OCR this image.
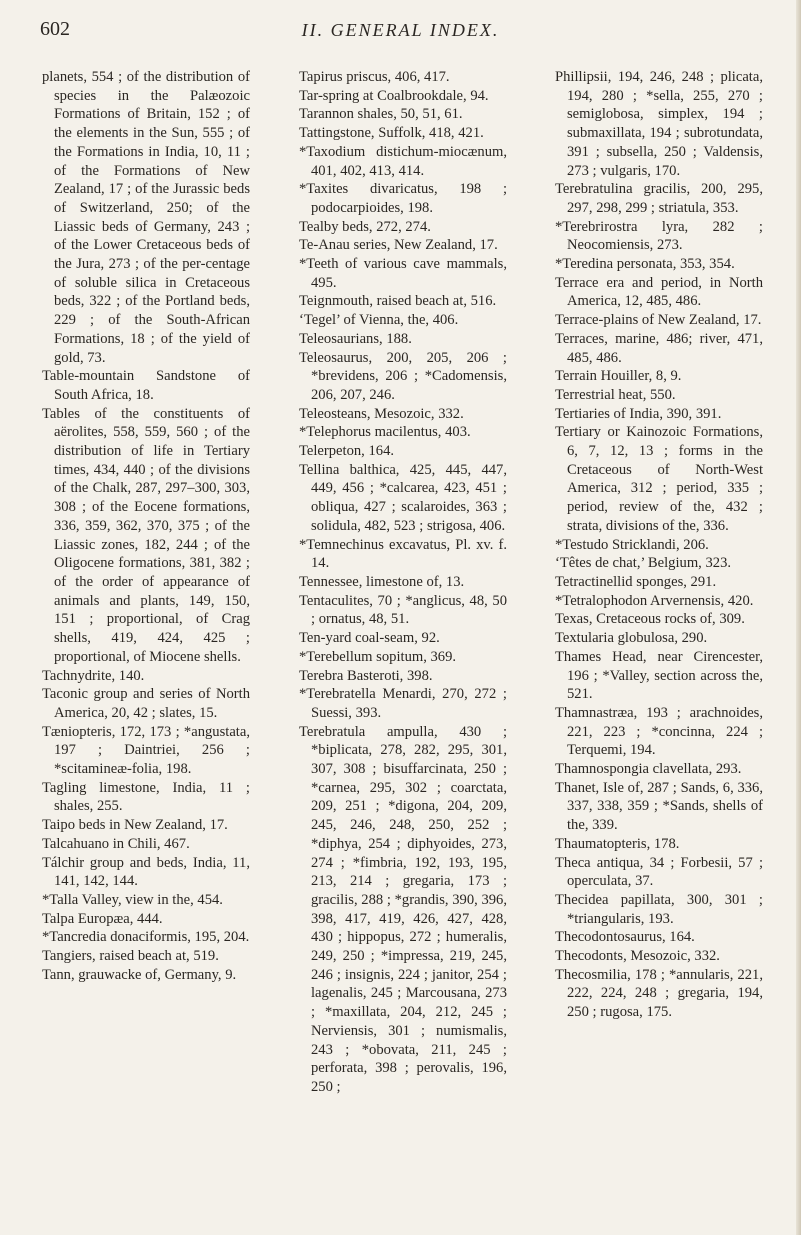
602	II. GENERAL INDEX.

planets, 554 ; of the distribution of species in the Palæozoic Formations of Britain, 152 ; of the elements in the Sun, 555 ; of the Formations in India, 10, 11 ; of the Formations of New Zealand, 17 ; of the Jurassic beds of Switzerland, 250; of the Liassic beds of Germany, 243 ; of the Lower Cretaceous beds of the Jura, 273 ; of the per-centage of soluble silica in Cretaceous beds, 322 ; of the Portland beds, 229 ; of the South-African Formations, 18 ; of the yield of gold, 73.

Table-mountain Sandstone of South Africa, 18.

Tables of the constituents of aërolites, 558, 559, 560 ; of the distribution of life in Tertiary times, 434, 440 ; of the divisions of the Chalk, 287, 297–300, 303, 308 ; of the Eocene formations, 336, 359, 362, 370, 375 ; of the Liassic zones, 182, 244 ; of the Oligocene formations, 381, 382 ; of the order of appearance of animals and plants, 149, 150, 151 ; proportional, of Crag shells, 419, 424, 425 ; proportional, of Miocene shells.

Tachnydrite, 140.

Taconic group and series of North America, 20, 42 ; slates, 15.

Tæniopteris, 172, 173 ; *angustata, 197 ; Daintriei, 256 ; *scitamineæ-folia, 198.

Tagling limestone, India, 11 ; shales, 255.

Taipo beds in New Zealand, 17.

Talcahuano in Chili, 467.

Tálchir group and beds, India, 11, 141, 142, 144.

*Talla Valley, view in the, 454.

Talpa Europæa, 444.

*Tancredia donaciformis, 195, 204.

Tangiers, raised beach at, 519.

Tann, grauwacke of, Germany, 9.

Tapirus priscus, 406, 417.

Tar-spring at Coalbrookdale, 94.

Tarannon shales, 50, 51, 61.

Tattingstone, Suffolk, 418, 421.

*Taxodium distichum-miocænum, 401, 402, 413, 414.

*Taxites divaricatus, 198 ; podocarpioides, 198.

Tealby beds, 272, 274.

Te-Anau series, New Zealand, 17.

*Teeth of various cave mammals, 495.

Teignmouth, raised beach at, 516.

‘Tegel’ of Vienna, the, 406.

Teleosaurians, 188.

Teleosaurus, 200, 205, 206 ; *brevidens, 206 ; *Cadomensis, 206, 207, 246.

Teleosteans, Mesozoic, 332.

*Telephorus macilentus, 403.

Telerpeton, 164.

Tellina balthica, 425, 445, 447, 449, 456 ; *calcarea, 423, 451 ; obliqua, 427 ; scalaroides, 363 ; solidula, 482, 523 ; strigosa, 406.

*Temnechinus excavatus, Pl. xv. f. 14.

Tennessee, limestone of, 13.

Tentaculites, 70 ; *anglicus, 48, 50 ; ornatus, 48, 51.

Ten-yard coal-seam, 92.

*Terebellum sopitum, 369.

Terebra Basteroti, 398.

*Terebratella Menardi, 270, 272 ; Suessi, 393.

Terebratula ampulla, 430 ; *biplicata, 278, 282, 295, 301, 307, 308 ; bisuffarcinata, 250 ; *carnea, 295, 302 ; coarctata, 209, 251 ; *digona, 204, 209, 245, 246, 248, 250, 252 ; *diphya, 254 ; diphyoides, 273, 274 ; *fimbria, 192, 193, 195, 213, 214 ; gregaria, 173 ; gracilis, 288 ; *grandis, 390, 396, 398, 417, 419, 426, 427, 428, 430 ; hippopus, 272 ; humeralis, 249, 250 ; *impressa, 219, 245, 246 ; insignis, 224 ; janitor, 254 ; lagenalis, 245 ; Marcousana, 273 ; *maxillata, 204, 212, 245 ; Nerviensis, 301 ; numismalis, 243 ; *obovata, 211, 245 ; perforata, 398 ; perovalis, 196, 250 ;

Phillipsii, 194, 246, 248 ; plicata, 194, 280 ; *sella, 255, 270 ; semiglobosa, simplex, 194 ; submaxillata, 194 ; subrotundata, 391 ; subsella, 250 ; Valdensis, 273 ; vulgaris, 170.

Terebratulina gracilis, 200, 295, 297, 298, 299 ; striatula, 353.

*Terebrirostra lyra, 282 ; Neocomiensis, 273.

*Teredina personata, 353, 354.

Terrace era and period, in North America, 12, 485, 486.

Terrace-plains of New Zealand, 17.

Terraces, marine, 486; river, 471, 485, 486.

Terrain Houiller, 8, 9.

Terrestrial heat, 550.

Tertiaries of India, 390, 391.

Tertiary or Kainozoic Formations, 6, 7, 12, 13 ; forms in the Cretaceous of North-West America, 312 ; period, 335 ; period, review of the, 432 ; strata, divisions of the, 336.

*Testudo Stricklandi, 206.

‘Têtes de chat,’ Belgium, 323.

Tetractinellid sponges, 291.

*Tetralophodon Arvernensis, 420.

Texas, Cretaceous rocks of, 309.

Textularia globulosa, 290.

Thames Head, near Cirencester, 196 ; *Valley, section across the, 521.

Thamnastræa, 193 ; arachnoides, 221, 223 ; *concinna, 224 ; Terquemi, 194.

Thamnospongia clavellata, 293.

Thanet, Isle of, 287 ; Sands, 6, 336, 337, 338, 359 ; *Sands, shells of the, 339.

Thaumatopteris, 178.

Theca antiqua, 34 ; Forbesii, 57 ; operculata, 37.

Thecidea papillata, 300, 301 ; *triangularis, 193.

Thecodontosaurus, 164.

Thecodonts, Mesozoic, 332.

Thecosmilia, 178 ; *annularis, 221, 222, 224, 248 ; gregaria, 194, 250 ; rugosa, 175.
